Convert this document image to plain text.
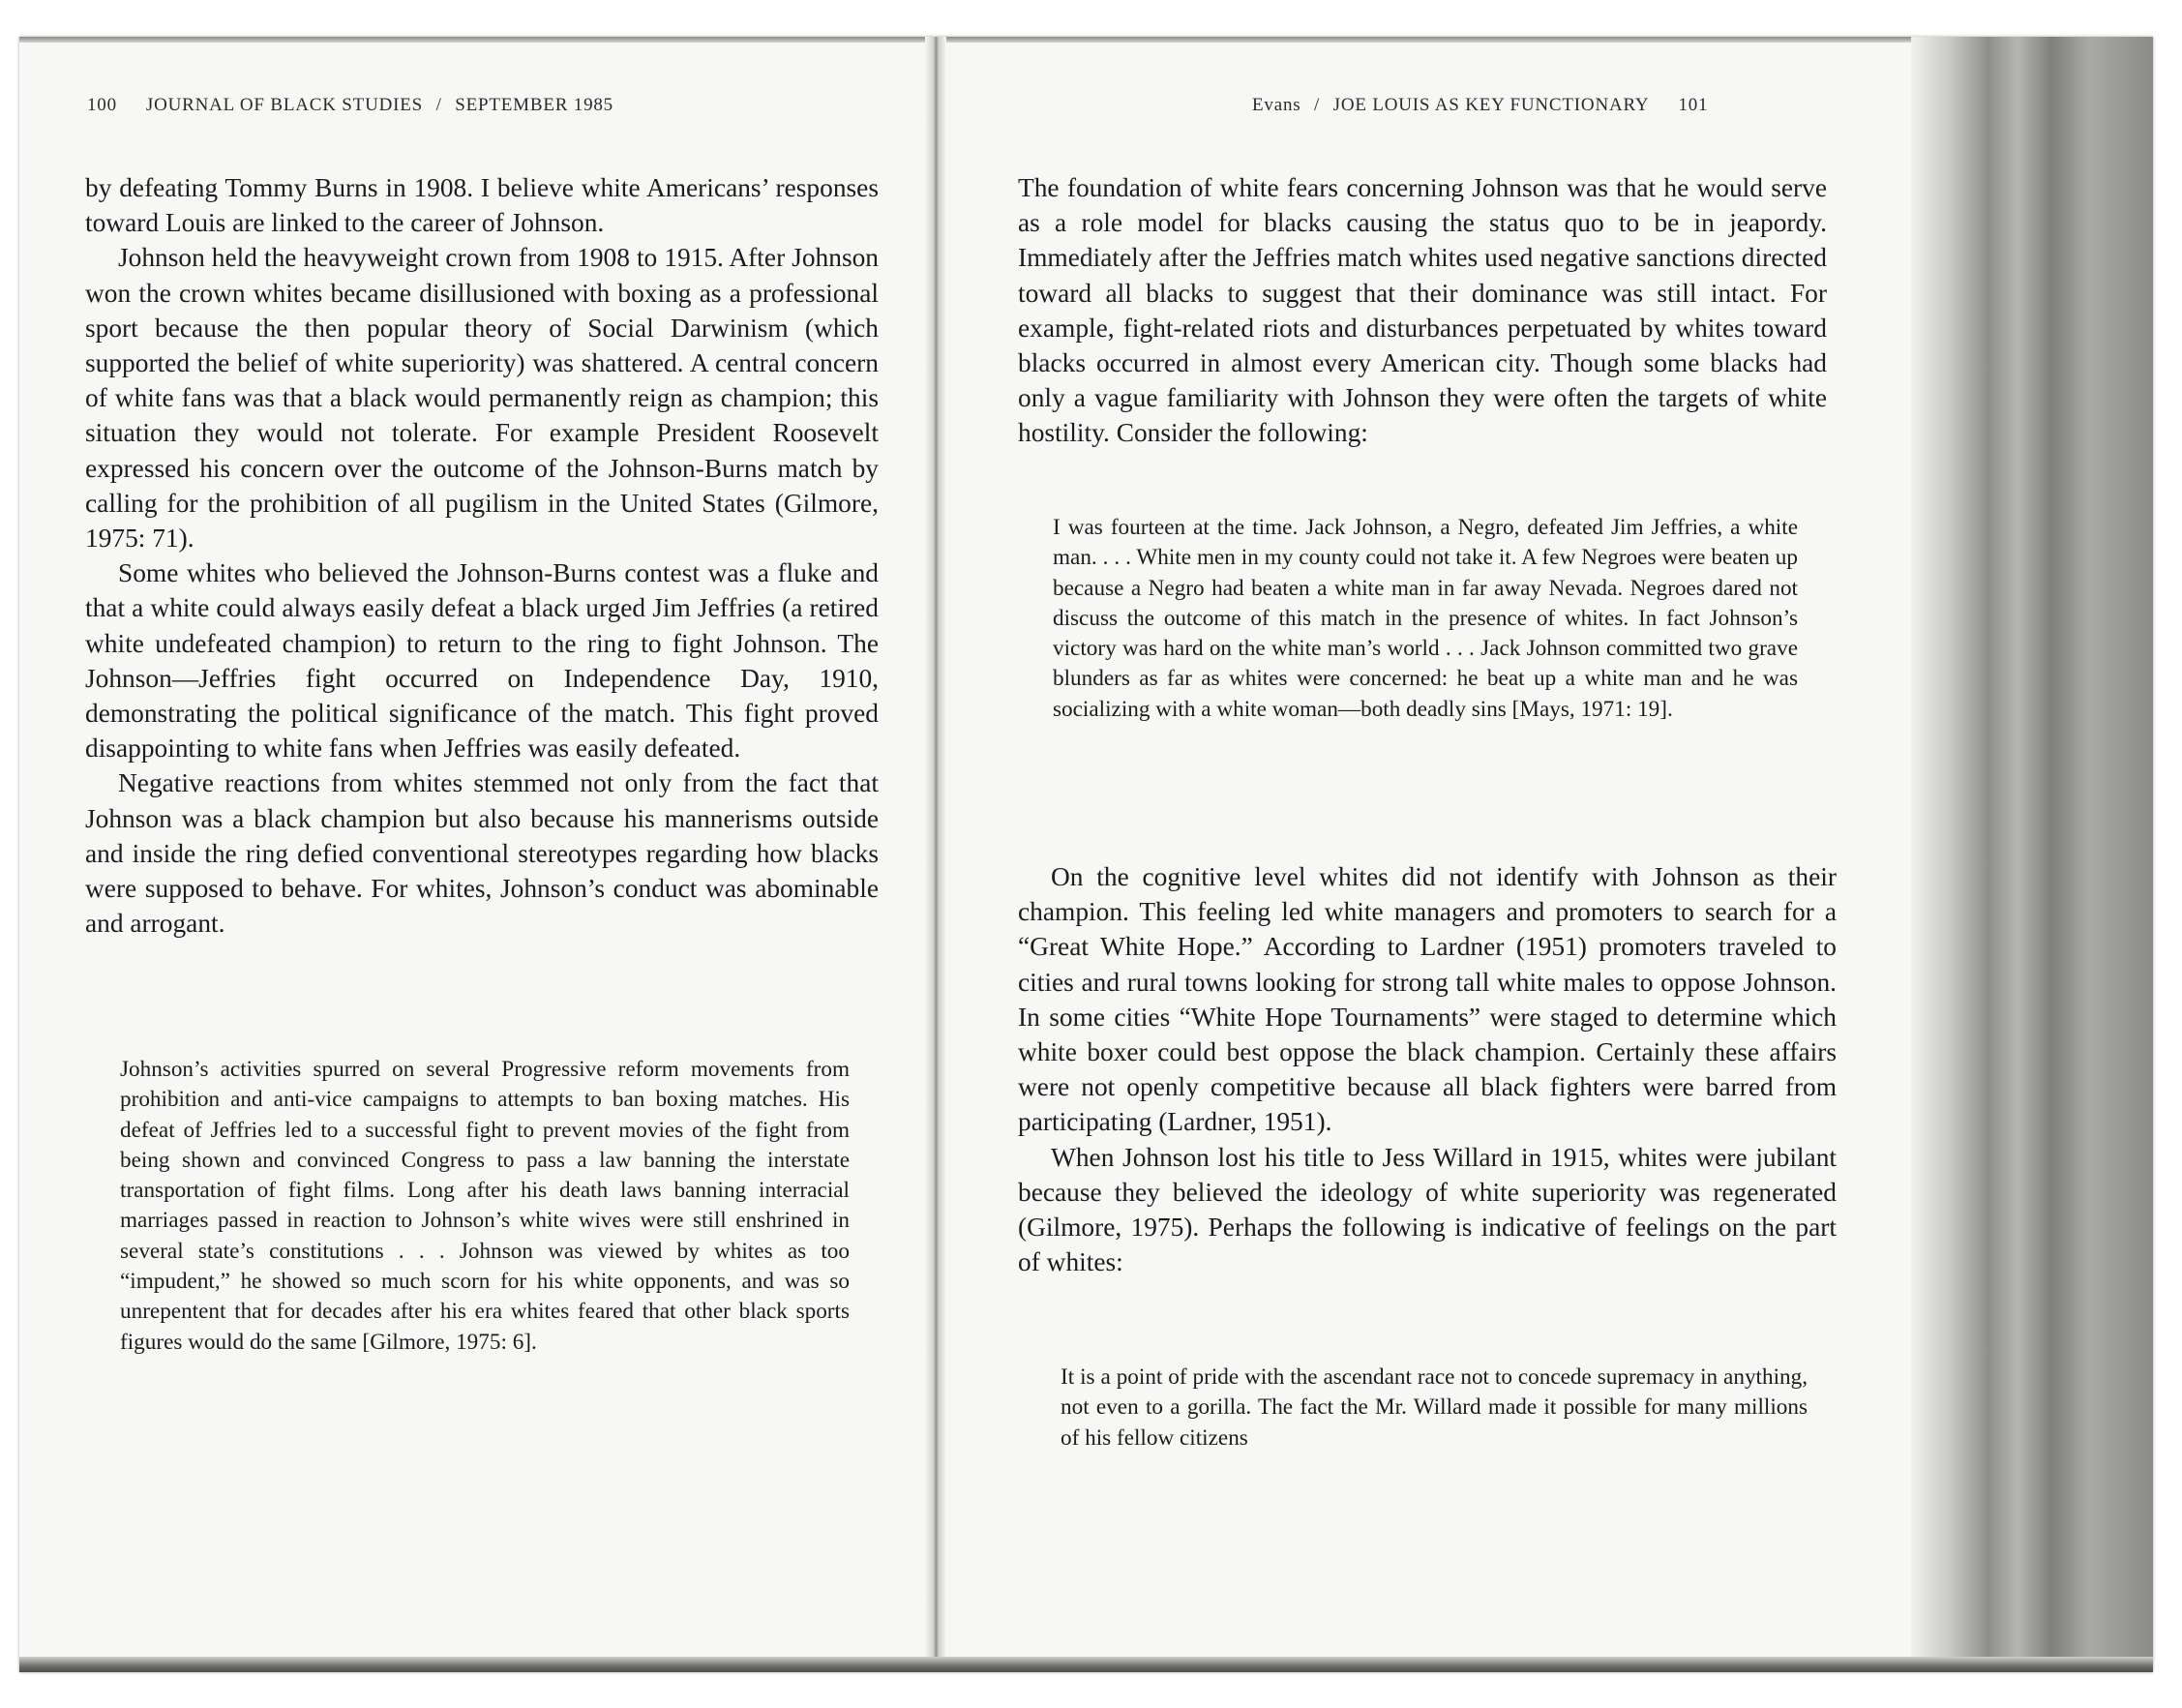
100 JOURNAL OF BLACK STUDIES / SEPTEMBER 1985

by defeating Tommy Burns in 1908. I believe white Americans’ responses toward Louis are linked to the career of Johnson.

Johnson held the heavyweight crown from 1908 to 1915. After Johnson won the crown whites became disillusioned with boxing as a professional sport because the then popular theory of Social Darwinism (which supported the belief of white superiority) was shattered. A central concern of white fans was that a black would permanently reign as champion; this situation they would not tolerate. For example President Roosevelt expressed his concern over the outcome of the Johnson-Burns match by calling for the prohibition of all pugilism in the United States (Gilmore, 1975: 71).

Some whites who believed the Johnson-Burns contest was a fluke and that a white could always easily defeat a black urged Jim Jeffries (a retired white undefeated champion) to return to the ring to fight Johnson. The Johnson—Jeffries fight occurred on Independence Day, 1910, demonstrating the political significance of the match. This fight proved disappointing to white fans when Jeffries was easily defeated.

Negative reactions from whites stemmed not only from the fact that Johnson was a black champion but also because his mannerisms outside and inside the ring defied conventional stereotypes regarding how blacks were supposed to behave. For whites, Johnson’s conduct was abominable and arrogant.

Johnson’s activities spurred on several Progressive reform movements from prohibition and anti-vice campaigns to attempts to ban boxing matches. His defeat of Jeffries led to a successful fight to prevent movies of the fight from being shown and convinced Congress to pass a law banning the interstate transportation of fight films. Long after his death laws banning interracial marriages passed in reaction to Johnson’s white wives were still enshrined in several state’s constitutions . . . Johnson was viewed by whites as too “impudent,” he showed so much scorn for his white opponents, and was so unrepentent that for decades after his era whites feared that other black sports figures would do the same [Gilmore, 1975: 6].

Evans / JOE LOUIS AS KEY FUNCTIONARY 101

The foundation of white fears concerning Johnson was that he would serve as a role model for blacks causing the status quo to be in jeapordy. Immediately after the Jeffries match whites used negative sanctions directed toward all blacks to suggest that their dominance was still intact. For example, fight-related riots and disturbances perpetuated by whites toward blacks occurred in almost every American city. Though some blacks had only a vague familiarity with Johnson they were often the targets of white hostility. Consider the following:

I was fourteen at the time. Jack Johnson, a Negro, defeated Jim Jeffries, a white man. . . . White men in my county could not take it. A few Negroes were beaten up because a Negro had beaten a white man in far away Nevada. Negroes dared not discuss the outcome of this match in the presence of whites. In fact Johnson’s victory was hard on the white man’s world . . . Jack Johnson committed two grave blunders as far as whites were concerned: he beat up a white man and he was socializing with a white woman—both deadly sins [Mays, 1971: 19].

On the cognitive level whites did not identify with Johnson as their champion. This feeling led white managers and promoters to search for a “Great White Hope.” According to Lardner (1951) promoters traveled to cities and rural towns looking for strong tall white males to oppose Johnson. In some cities “White Hope Tournaments” were staged to determine which white boxer could best oppose the black champion. Certainly these affairs were not openly competitive because all black fighters were barred from participating (Lardner, 1951).

When Johnson lost his title to Jess Willard in 1915, whites were jubilant because they believed the ideology of white superiority was regenerated (Gilmore, 1975). Perhaps the following is indicative of feelings on the part of whites:

It is a point of pride with the ascendant race not to concede supremacy in anything, not even to a gorilla. The fact the Mr. Willard made it possible for many millions of his fellow citizens
